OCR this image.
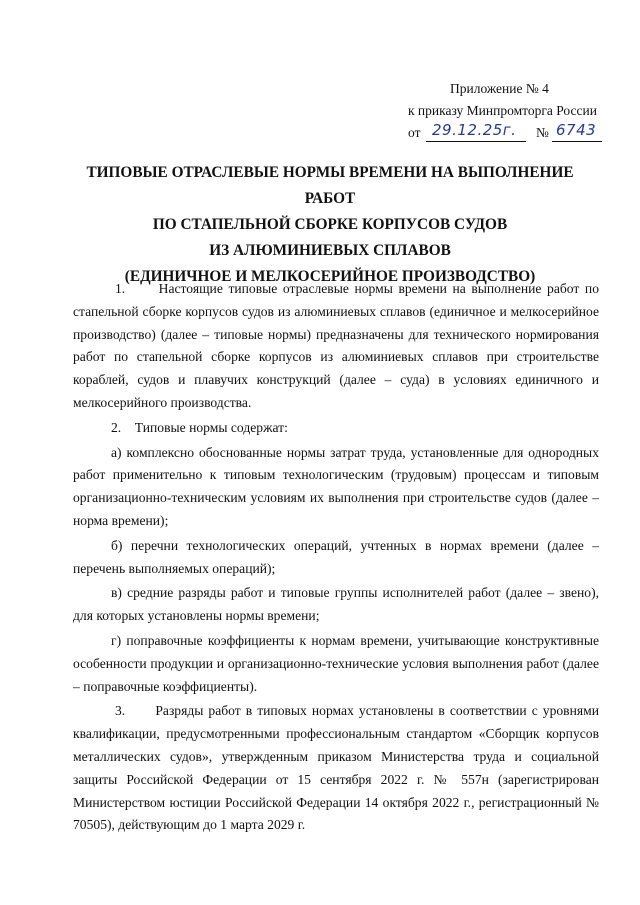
Приложение № 4
к приказу Минпромторга России
от 29.12.25г. № 6743
ТИПОВЫЕ ОТРАСЛЕВЫЕ НОРМЫ ВРЕМЕНИ НА ВЫПОЛНЕНИЕ РАБОТ
ПО СТАПЕЛЬНОЙ СБОРКЕ КОРПУСОВ СУДОВ
ИЗ АЛЮМИНИЕВЫХ СПЛАВОВ
(ЕДИНИЧНОЕ И МЕЛКОСЕРИЙНОЕ ПРОИЗВОДСТВО)

1.      Настоящие типовые отраслевые нормы времени на выполнение работ по стапельной сборке корпусов судов из алюминиевых сплавов (единичное и мелкосерийное производство) (далее – типовые нормы) предназначены для технического нормирования работ по стапельной сборке корпусов из алюминиевых сплавов при строительстве кораблей, судов и плавучих конструкций (далее – суда) в условиях единичного и мелкосерийного производства.

2.    Типовые нормы содержат:

а) комплексно обоснованные нормы затрат труда, установленные для однородных работ применительно к типовым технологическим (трудовым) процессам и типовым организационно-техническим условиям их выполнения при строительстве судов (далее – норма времени);

б) перечни технологических операций, учтенных в нормах времени (далее – перечень выполняемых операций);

в) средние разряды работ и типовые группы исполнителей работ (далее – звено), для которых установлены нормы времени;

г) поправочные коэффициенты к нормам времени, учитывающие конструктивные особенности продукции и организационно-технические условия выполнения работ (далее – поправочные коэффициенты).

3.      Разряды работ в типовых нормах установлены в соответствии с уровнями квалификации, предусмотренными профессиональным стандартом «Сборщик корпусов металлических судов», утвержденным приказом Министерства труда и социальной защиты Российской Федерации от 15 сентября 2022 г. № 557н (зарегистрирован Министерством юстиции Российской Федерации 14 октября 2022 г., регистрационный № 70505), действующим до 1 марта 2029 г.
